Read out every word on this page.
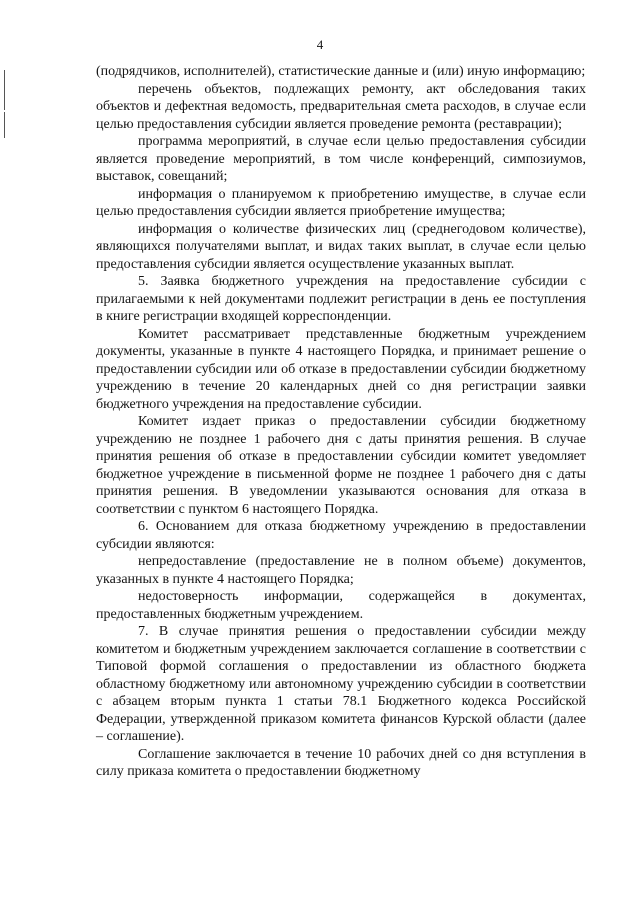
4

(подрядчиков, исполнителей), статистические данные и (или) иную информацию;

перечень объектов, подлежащих ремонту, акт обследования таких объектов и дефектная ведомость, предварительная смета расходов, в случае если целью предоставления субсидии является проведение ремонта (реставрации);

программа мероприятий, в случае если целью предоставления субсидии является проведение мероприятий, в том числе конференций, симпозиумов, выставок, совещаний;

информация о планируемом к приобретению имуществе, в случае если целью предоставления субсидии является приобретение имущества;

информация о количестве физических лиц (среднегодовом количестве), являющихся получателями выплат, и видах таких выплат, в случае если целью предоставления субсидии является осуществление указанных выплат.

5. Заявка бюджетного учреждения на предоставление субсидии с прилагаемыми к ней документами подлежит регистрации в день ее поступления в книге регистрации входящей корреспонденции.

Комитет рассматривает представленные бюджетным учреждением документы, указанные в пункте 4 настоящего Порядка, и принимает решение о предоставлении субсидии или об отказе в предоставлении субсидии бюджетному учреждению в течение 20 календарных дней со дня регистрации заявки бюджетного учреждения на предоставление субсидии.

Комитет издает приказ о предоставлении субсидии бюджетному учреждению не позднее 1 рабочего дня с даты принятия решения. В случае принятия решения об отказе в предоставлении субсидии комитет уведомляет бюджетное учреждение в письменной форме не позднее 1 рабочего дня с даты принятия решения. В уведомлении указываются основания для отказа в соответствии с пунктом 6 настоящего Порядка.

6. Основанием для отказа бюджетному учреждению в предоставлении субсидии являются:

непредоставление (предоставление не в полном объеме) документов, указанных в пункте 4 настоящего Порядка;

недостоверность информации, содержащейся в документах, предоставленных бюджетным учреждением.

7. В случае принятия решения о предоставлении субсидии между комитетом и бюджетным учреждением заключается соглашение в соответствии с Типовой формой соглашения о предоставлении из областного бюджета областному бюджетному или автономному учреждению субсидии в соответствии с абзацем вторым пункта 1 статьи 78.1 Бюджетного кодекса Российской Федерации, утвержденной приказом комитета финансов Курской области (далее – соглашение).

Соглашение заключается в течение 10 рабочих дней со дня вступления в силу приказа комитета о предоставлении бюджетному
